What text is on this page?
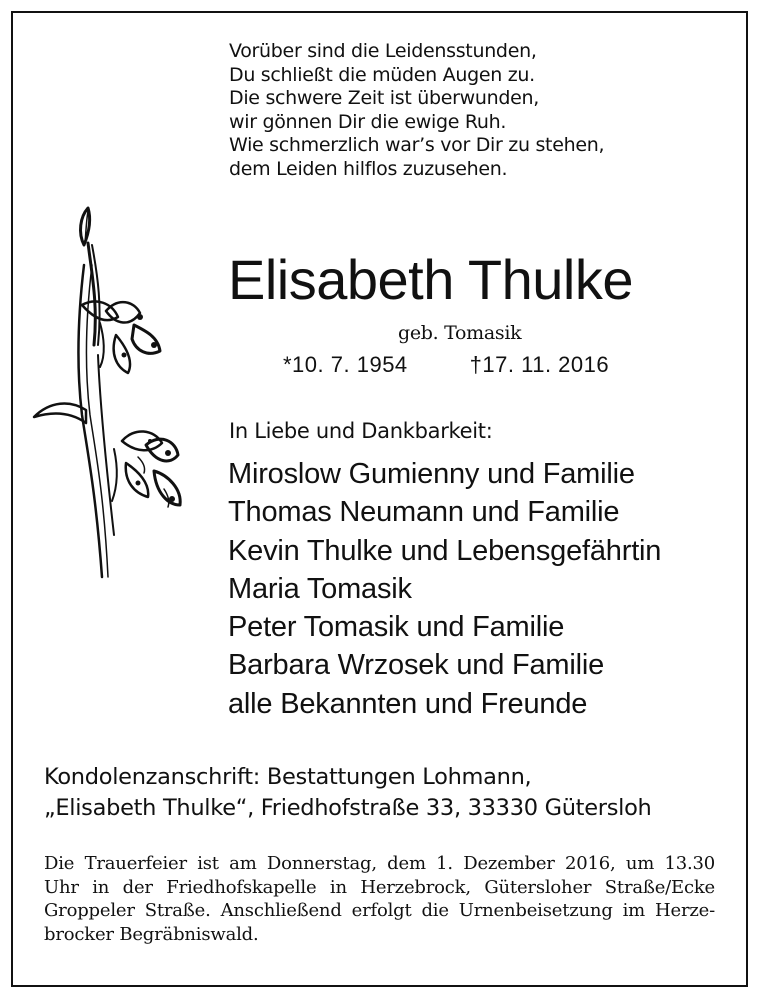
Vorüber sind die Leidensstunden,
Du schließt die müden Augen zu.
Die schwere Zeit ist überwunden,
wir gönnen Dir die ewige Ruh.
Wie schmerzlich war’s vor Dir zu stehen,
dem Leiden hilflos zuzusehen.
Elisabeth Thulke
geb. Tomasik
*10. 7. 1954	†17. 11. 2016
In Liebe und Dankbarkeit:
Miroslow Gumienny und Familie
Thomas Neumann und Familie
Kevin Thulke und Lebensgefährtin
Maria Tomasik
Peter Tomasik und Familie
Barbara Wrzosek und Familie
alle Bekannten und Freunde
Kondolenzanschrift: Bestattungen Lohmann,
„Elisabeth Thulke“, Friedhofstraße 33, 33330 Gütersloh
Die Trauerfeier ist am Donnerstag, dem 1. Dezember 2016, um 13.30
Uhr in der Friedhofskapelle in Herzebrock, Gütersloher Straße/Ecke
Groppeler Straße. Anschließend erfolgt die Urnenbeisetzung im Herze-
brocker Begräbniswald.
